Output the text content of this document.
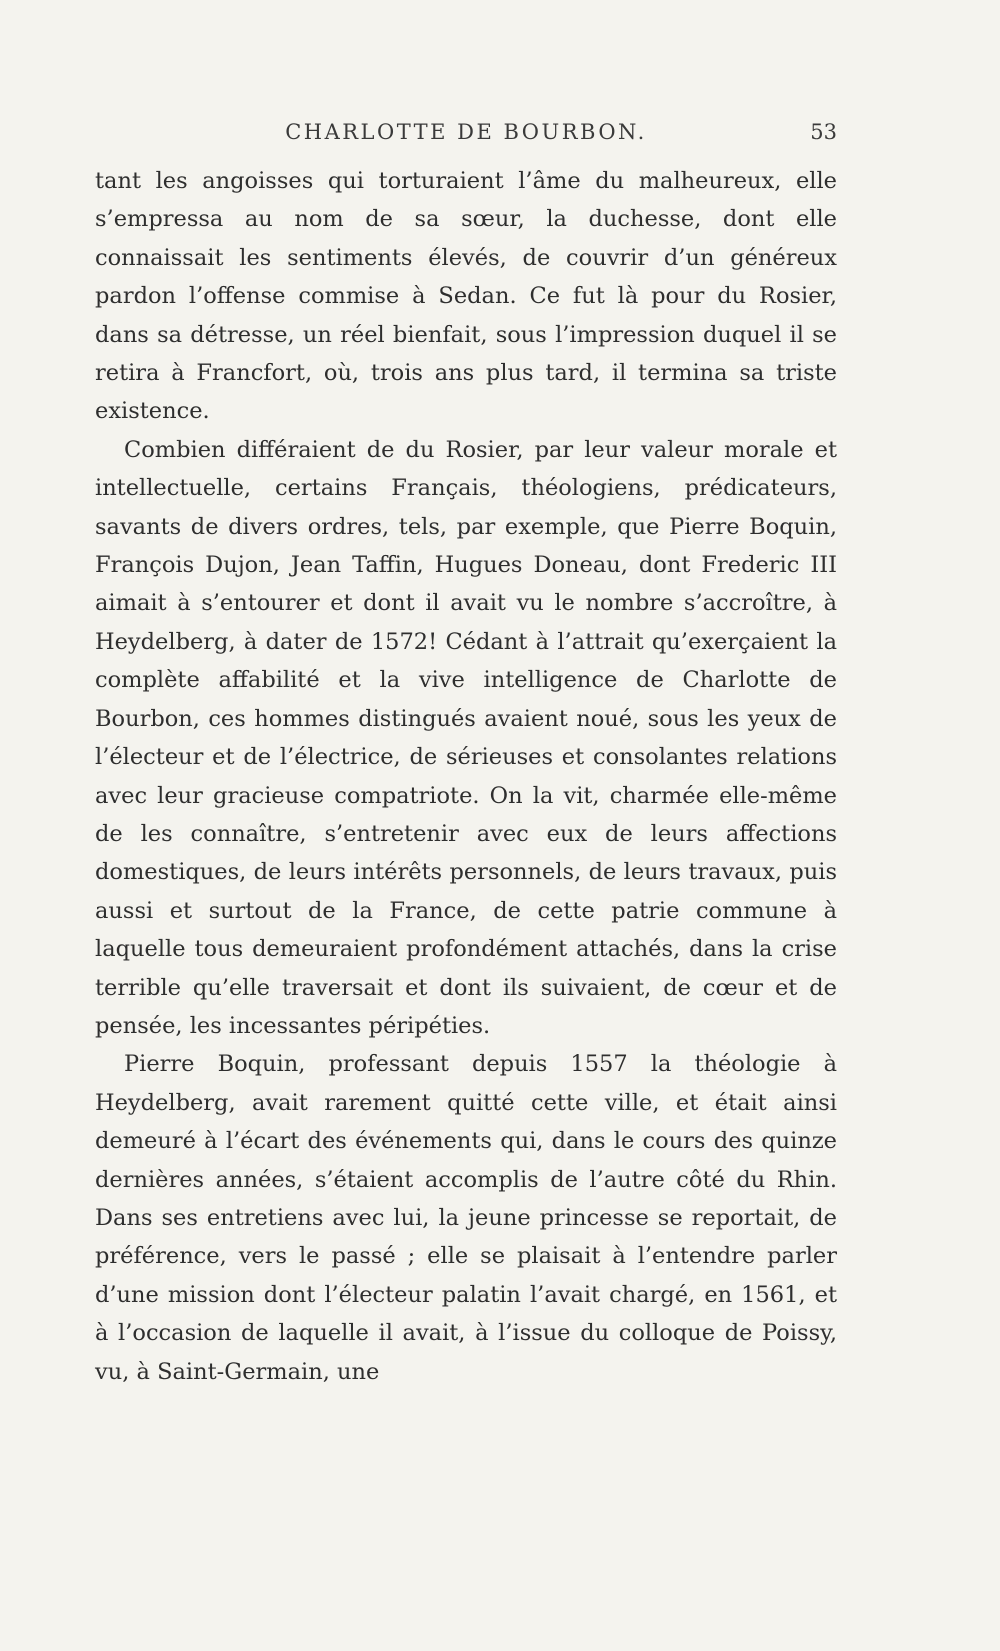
CHARLOTTE DE BOURBON.	53

tant les angoisses qui torturaient l’âme du malheureux, elle s’empressa au nom de sa sœur, la duchesse, dont elle connaissait les sentiments élevés, de couvrir d’un généreux pardon l’offense commise à Sedan. Ce fut là pour du Rosier, dans sa détresse, un réel bienfait, sous l’impression duquel il se retira à Francfort, où, trois ans plus tard, il termina sa triste existence.

Combien différaient de du Rosier, par leur valeur morale et intellectuelle, certains Français, théologiens, prédicateurs, savants de divers ordres, tels, par exemple, que Pierre Boquin, François Dujon, Jean Taffin, Hugues Doneau, dont Frederic III aimait à s’entourer et dont il avait vu le nombre s’accroître, à Heydelberg, à dater de 1572! Cédant à l’attrait qu’exerçaient la complète affabilité et la vive intelligence de Charlotte de Bourbon, ces hommes distingués avaient noué, sous les yeux de l’électeur et de l’électrice, de sérieuses et consolantes relations avec leur gracieuse compatriote. On la vit, charmée elle-même de les connaître, s’entretenir avec eux de leurs affections domestiques, de leurs intérêts personnels, de leurs travaux, puis aussi et surtout de la France, de cette patrie commune à laquelle tous demeuraient profondément attachés, dans la crise terrible qu’elle traversait et dont ils suivaient, de cœur et de pensée, les incessantes péripéties.

Pierre Boquin, professant depuis 1557 la théologie à Heydelberg, avait rarement quitté cette ville, et était ainsi demeuré à l’écart des événements qui, dans le cours des quinze dernières années, s’étaient accomplis de l’autre côté du Rhin. Dans ses entretiens avec lui, la jeune princesse se reportait, de préférence, vers le passé ; elle se plaisait à l’entendre parler d’une mission dont l’électeur palatin l’avait chargé, en 1561, et à l’occasion de laquelle il avait, à l’issue du colloque de Poissy, vu, à Saint-Germain, une
